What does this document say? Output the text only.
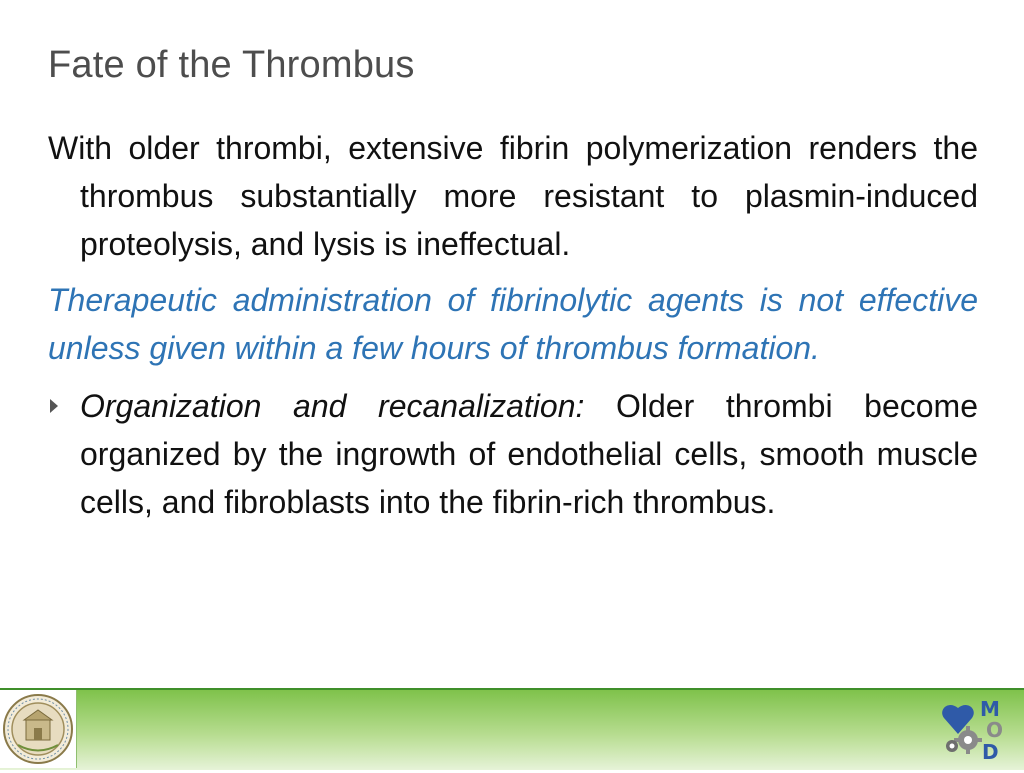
Fate of the Thrombus

With older thrombi, extensive fibrin polymerization renders the thrombus substantially more resistant to plasmin-induced proteolysis, and lysis is ineffectual.

Therapeutic administration of fibrinolytic agents is not effective unless given within a few hours of thrombus formation.

Organization and recanalization: Older thrombi become organized by the ingrowth of endothelial cells, smooth muscle cells, and fibroblasts into the fibrin-rich thrombus.

M
O
D
